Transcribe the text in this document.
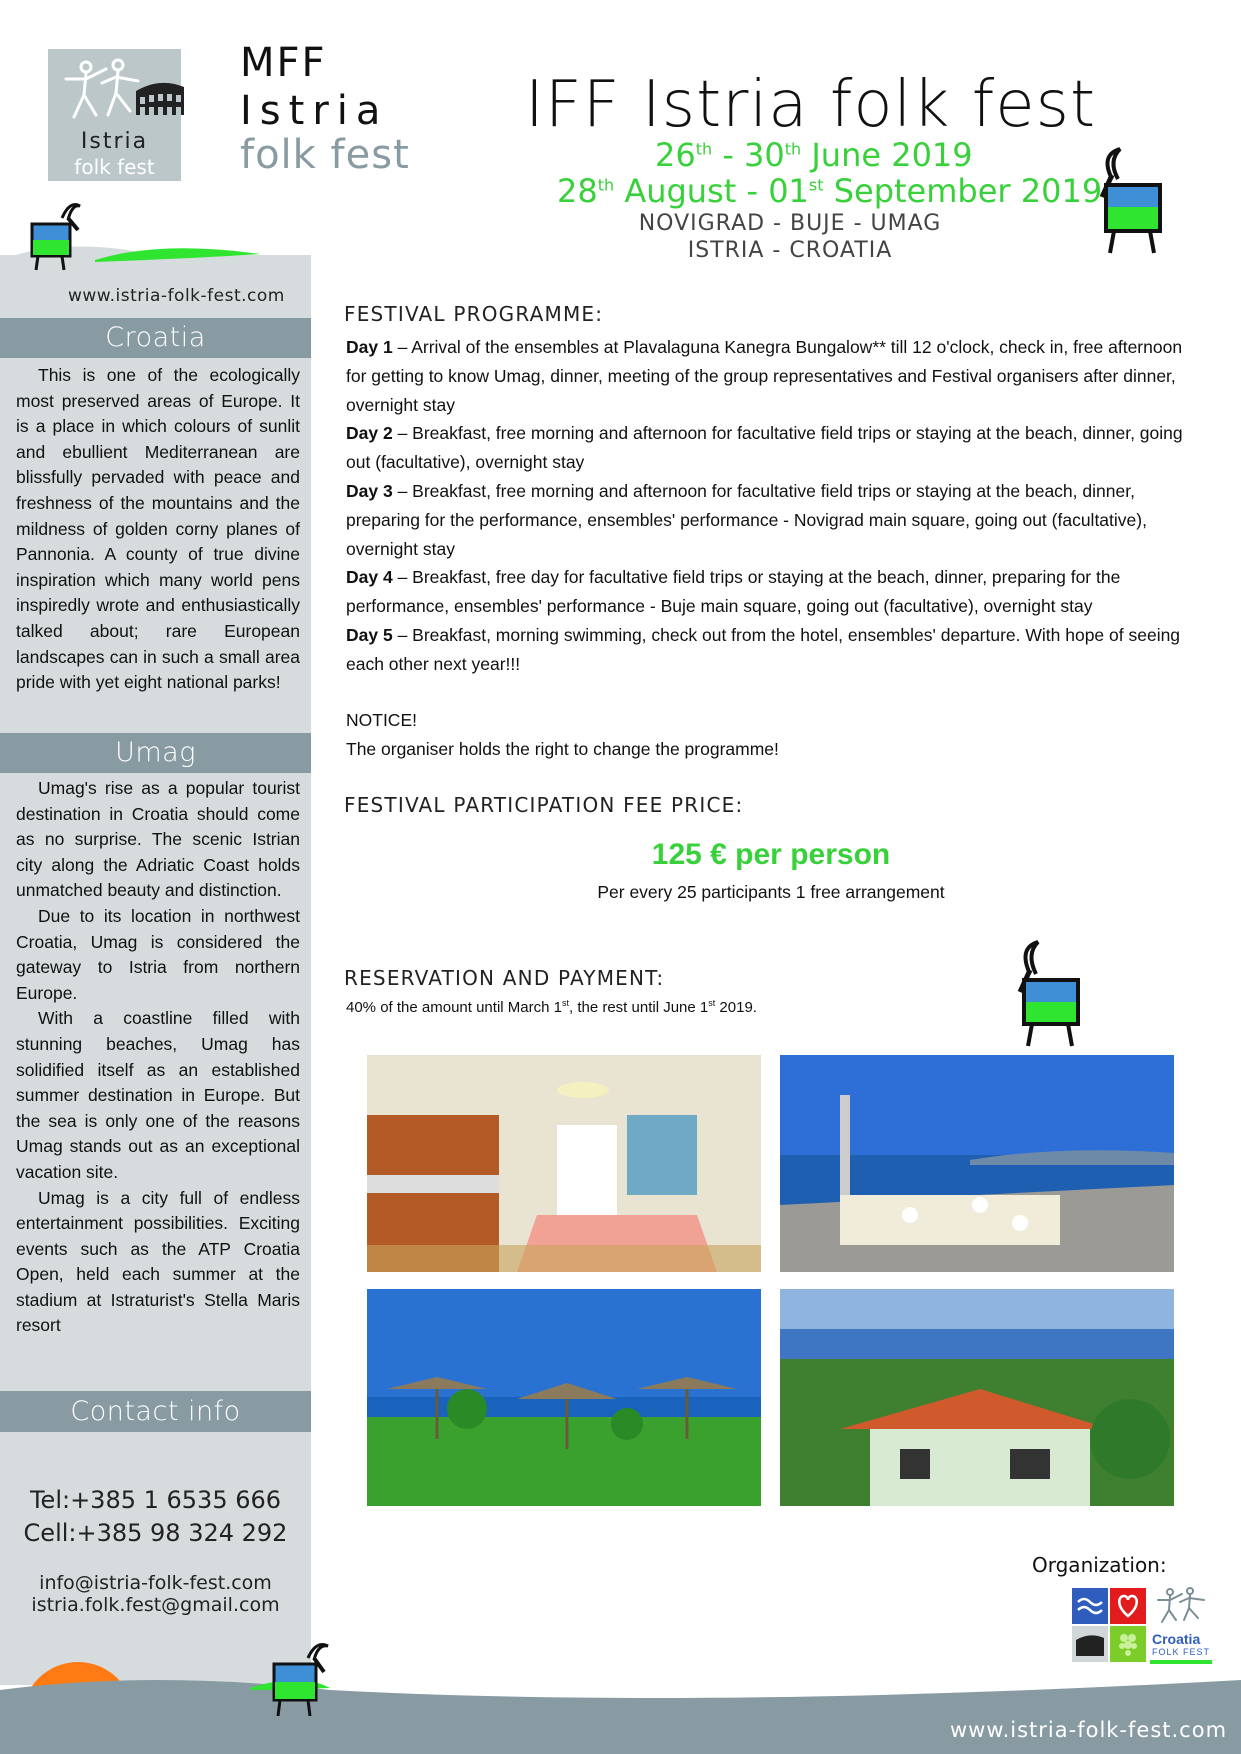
www.istria-folk-fest.com
Croatia

This is one of the ecologically most preserved areas of Europe. It is a place in which colours of sunlit and ebullient Mediterranean are blissfully pervaded with peace and freshness of the mountains and the mildness of golden corny planes of Pannonia. A county of true divine inspiration which many world pens inspiredly wrote and enthusiastically talked about; rare European landscapes can in such a small area pride with yet eight national parks!

Umag

Umag's rise as a popular tourist destination in Croatia should come as no surprise. The scenic Istrian city along the Adriatic Coast holds unmatched beauty and distinction.

Due to its location in northwest Croatia, Umag is considered the gateway to Istria from northern Europe.

With a coastline filled with stunning beaches, Umag has solidified itself as an established summer destination in Europe. But the sea is only one of the reasons Umag stands out as an exceptional vacation site.

Umag is a city full of endless entertainment possibilities. Exciting events such as the ATP Croatia Open, held each summer at the stadium at Istraturist's Stella Maris resort

Contact info
Tel:+385 1 6535 666
Cell:+385 98 324 292
info@istria-folk-fest.com
istria.folk.fest@gmail.com
www.istria-folk-fest.com
Istria
folk fest
MFF
Istria
folk fest
IFF Istria folk fest
26th - 30th June 2019
28th August - 01st September 2019
NOVIGRAD - BUJE - UMAG
ISTRIA - CROATIA
FESTIVAL PROGRAMME:

Day 1 – Arrival of the ensembles at Plavalaguna Kanegra Bungalow** till 12 o'clock, check in, free afternoon for getting to know Umag, dinner, meeting of the group representatives and Festival organisers after dinner, overnight stay

Day 2 – Breakfast, free morning and afternoon for facultative field trips or staying at the beach, dinner, going out (facultative), overnight stay

Day 3 – Breakfast, free morning and afternoon for facultative field trips or staying at the beach, dinner, preparing for the performance, ensembles' performance - Novigrad main square, going out (facultative), overnight stay

Day 4 – Breakfast, free day for facultative field trips or staying at the beach, dinner, preparing for the performance, ensembles' performance - Buje main square, going out (facultative), overnight stay

Day 5 – Breakfast, morning swimming, check out from the hotel, ensembles' departure. With hope of seeing each other next year!!!

NOTICE!

The organiser holds the right to change the programme!

FESTIVAL PARTICIPATION FEE PRICE:
125 € per person
Per every 25 participants 1 free arrangement
RESERVATION AND PAYMENT:
40% of the amount until March 1st, the rest until June 1st 2019.
Organization:
Croatia
FOLK FEST
